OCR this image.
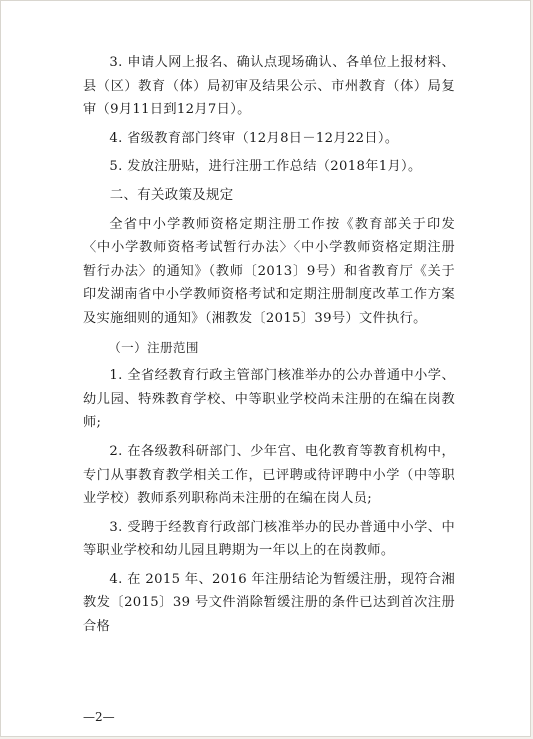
3. 申请人网上报名、确认点现场确认、各单位上报材料、县（区）教育（体）局初审及结果公示、市州教育（体）局复审（9月11日到12月7日）。

4. 省级教育部门终审（12月8日－12月22日）。

5. 发放注册贴，进行注册工作总结（2018年1月）。

二、有关政策及规定

全省中小学教师资格定期注册工作按《教育部关于印发〈中小学教师资格考试暂行办法〉〈中小学教师资格定期注册暂行办法〉的通知》（教师〔2013〕9号）和省教育厅《关于印发湖南省中小学教师资格考试和定期注册制度改革工作方案及实施细则的通知》（湘教发〔2015〕39号）文件执行。

（一）注册范围

1. 全省经教育行政主管部门核准举办的公办普通中小学、幼儿园、特殊教育学校、中等职业学校尚未注册的在编在岗教师;

2. 在各级教科研部门、少年宫、电化教育等教育机构中，专门从事教育教学相关工作，已评聘或待评聘中小学（中等职业学校）教师系列职称尚未注册的在编在岗人员;

3. 受聘于经教育行政部门核准举办的民办普通中小学、中等职业学校和幼儿园且聘期为一年以上的在岗教师。

4. 在 2015 年、2016 年注册结论为暂缓注册，现符合湘教发〔2015〕39 号文件消除暂缓注册的条件已达到首次注册合格

—2—
